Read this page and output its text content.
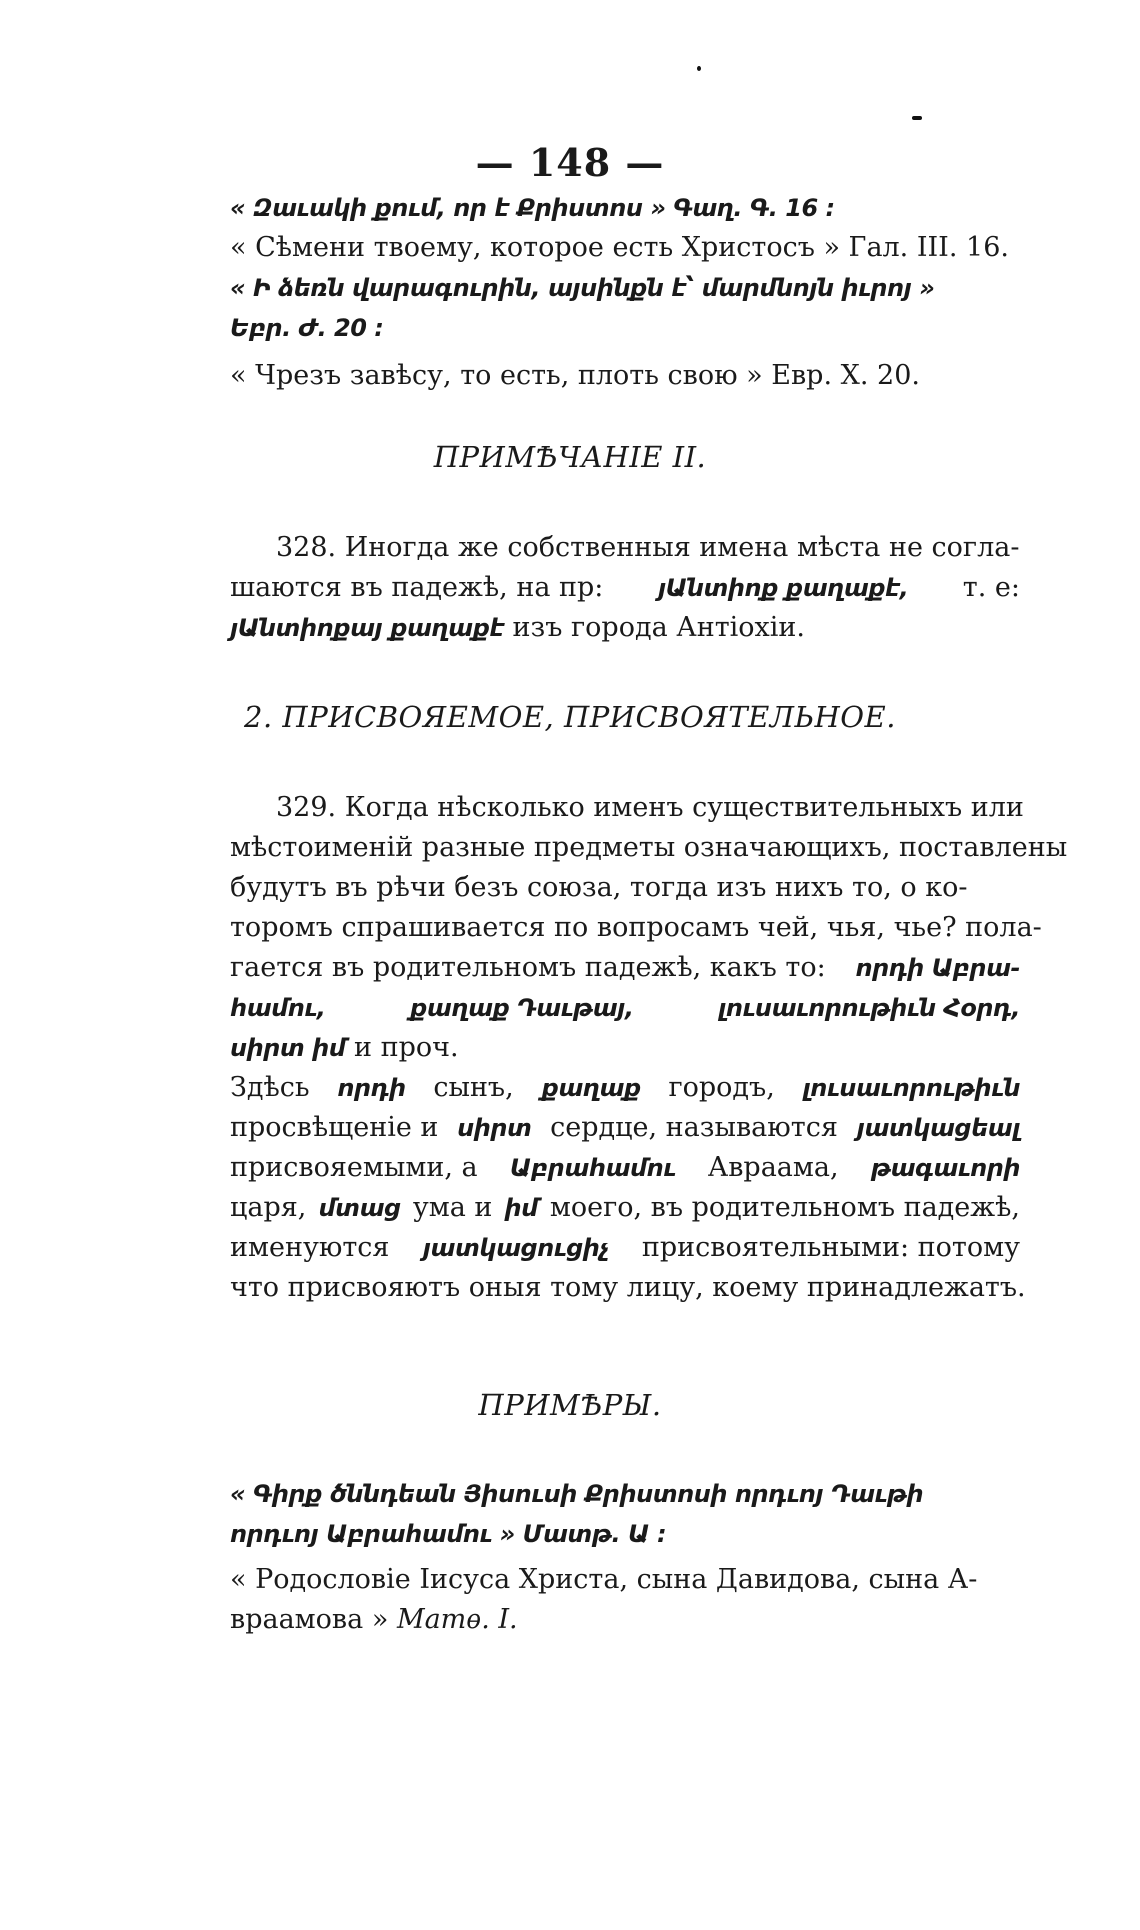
— 148 —
« Զաւակի քում, որ է Քրիստոս » Գաղ. Գ. 16 :
« Сѣмени твоему, которое есть Христосъ » Гал. III. 16.
« Ի ձեռն վարագուրին, այսինքն է՝ մարմնոյն իւրոյ »
Եբր. Ժ. 20 :
« Чрезъ завѣсу, то есть, плоть свою » Евр. X. 20.
ПРИМѢЧАНІЕ II.
328. Иногда же собственныя имена мѣста не согла-
шаются въ падежѣ, на пр: յԱնտիոք քաղաքէ, т. е:
յԱնտիոքայ քաղաքէ изъ города Антіохіи.
2. ПРИСВОЯЕМОЕ, ПРИСВОЯТЕЛЬНОЕ.
329. Когда нѣсколько именъ существительныхъ или
мѣстоименій разные предметы означающихъ, поставлены
будутъ въ рѣчи безъ союза, тогда изъ нихъ то, о ко-
торомъ спрашивается по вопросамъ чей, чья, чье? пола-
гается въ родительномъ падежѣ, какъ то: որդի Աբրա-
համու,	քաղաք Դաւթայ,	լուսաւորութիւն Հօրդ,
սիրտ իմ и проч.
Здѣсь որդի сынъ, քաղաք городъ, լուսաւորութիւն
просвѣщеніе и սիրտ сердце, называются յատկացեալ
присвояемыми, а Աբրահամու Авраама, թագաւորի
царя, մտաց ума и իմ моего, въ родительномъ падежѣ,
именуются յատկացուցիչ присвоятельными: потому
что присвояютъ оныя тому лицу, коему принадлежатъ.
ПРИМѢРЫ.
« Գիրք ծննդեան Յիսուսի Քրիստոսի որդւոյ Դաւթի
որդւոյ Աբրահամու » Մատթ. Ա :
« Родословіе Іисуса Христа, сына Давидова, сына А-
враамова » Матѳ. I.
